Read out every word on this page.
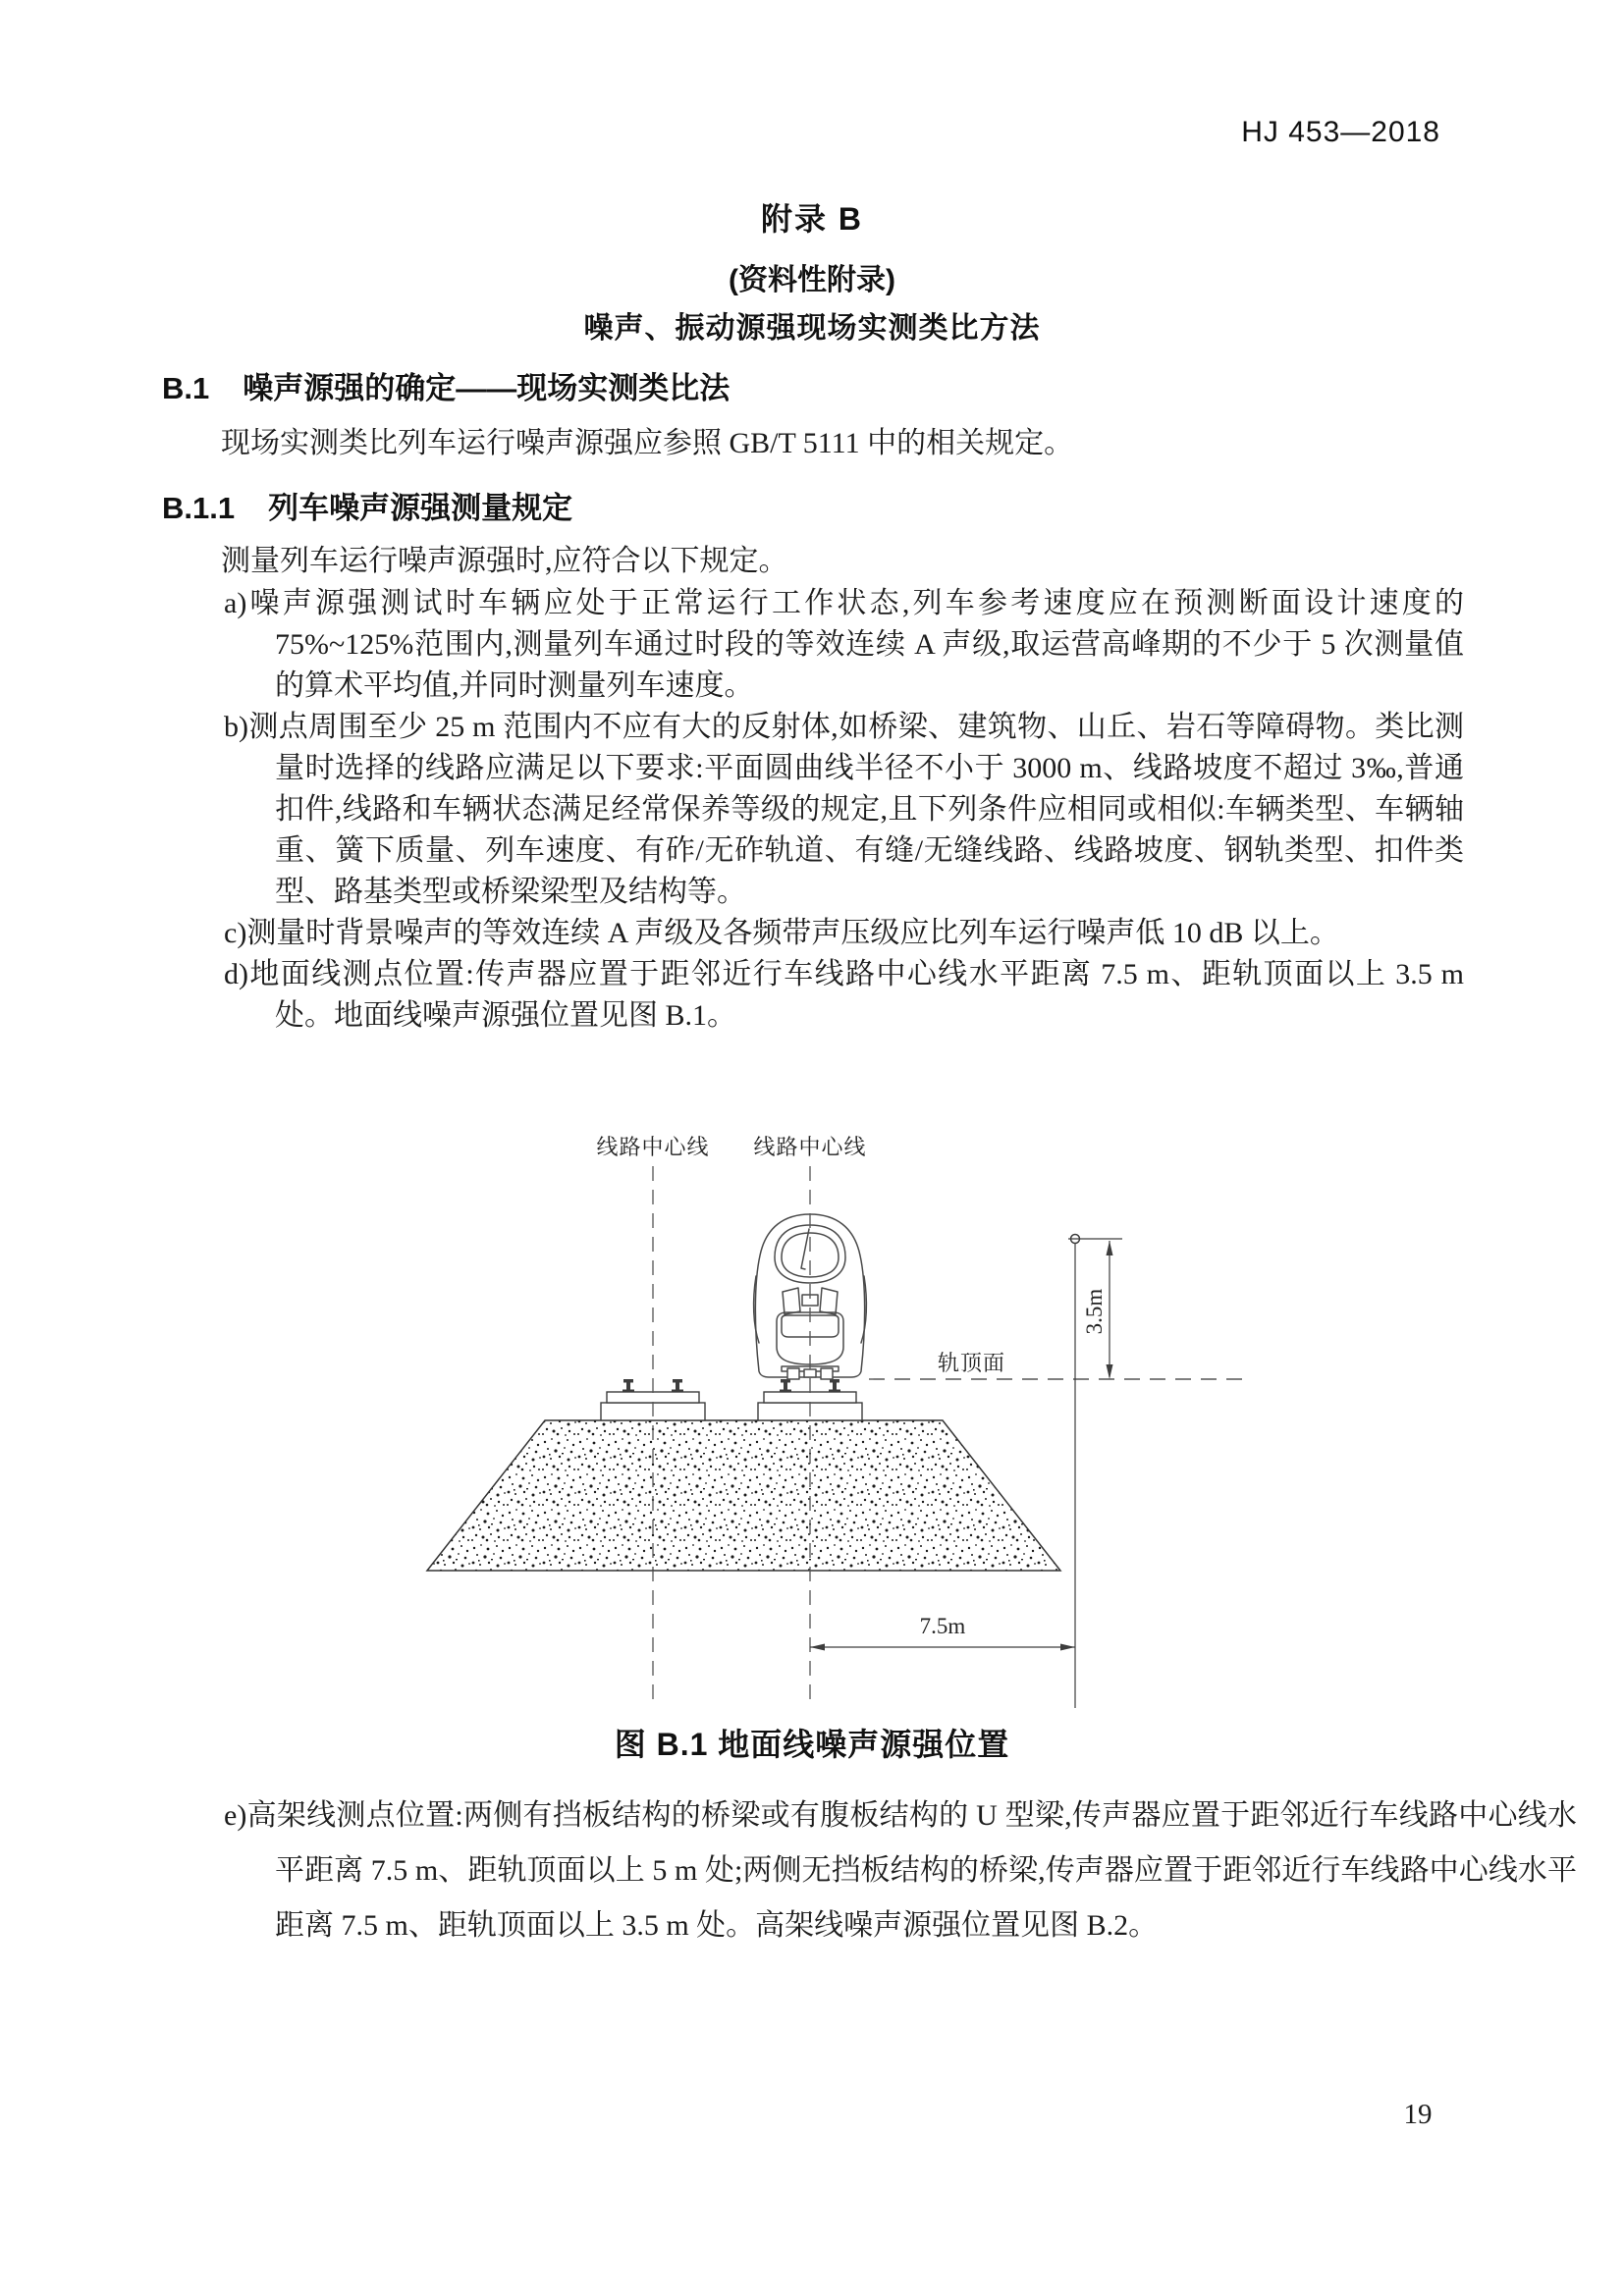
HJ 453—2018
附录 B
(资料性附录)
噪声、振动源强现场实测类比方法
B.1 噪声源强的确定——现场实测类比法
现场实测类比列车运行噪声源强应参照 GB/T 5111 中的相关规定。
B.1.1 列车噪声源强测量规定
测量列车运行噪声源强时,应符合以下规定。
a)噪声源强测试时车辆应处于正常运行工作状态,列车参考速度应在预测断面设计速度的 75%~125%范围内,测量列车通过时段的等效连续 A 声级,取运营高峰期的不少于 5 次测量值的算术平均值,并同时测量列车速度。
b)测点周围至少 25 m 范围内不应有大的反射体,如桥梁、建筑物、山丘、岩石等障碍物。类比测量时选择的线路应满足以下要求:平面圆曲线半径不小于 3000 m、线路坡度不超过 3‰,普通扣件,线路和车辆状态满足经常保养等级的规定,且下列条件应相同或相似:车辆类型、车辆轴重、簧下质量、列车速度、有砟/无砟轨道、有缝/无缝线路、线路坡度、钢轨类型、扣件类型、路基类型或桥梁梁型及结构等。
c)测量时背景噪声的等效连续 A 声级及各频带声压级应比列车运行噪声低 10 dB 以上。
d)地面线测点位置:传声器应置于距邻近行车线路中心线水平距离 7.5 m、距轨顶面以上 3.5 m 处。地面线噪声源强位置见图 B.1。
轨顶面
线路中心线 线路中心线
3.5m
7.5m
图 B.1 地面线噪声源强位置
e)高架线测点位置:两侧有挡板结构的桥梁或有腹板结构的 U 型梁,传声器应置于距邻近行车线路中心线水平距离 7.5 m、距轨顶面以上 5 m 处;两侧无挡板结构的桥梁,传声器应置于距邻近行车线路中心线水平距离 7.5 m、距轨顶面以上 3.5 m 处。高架线噪声源强位置见图 B.2。
19
